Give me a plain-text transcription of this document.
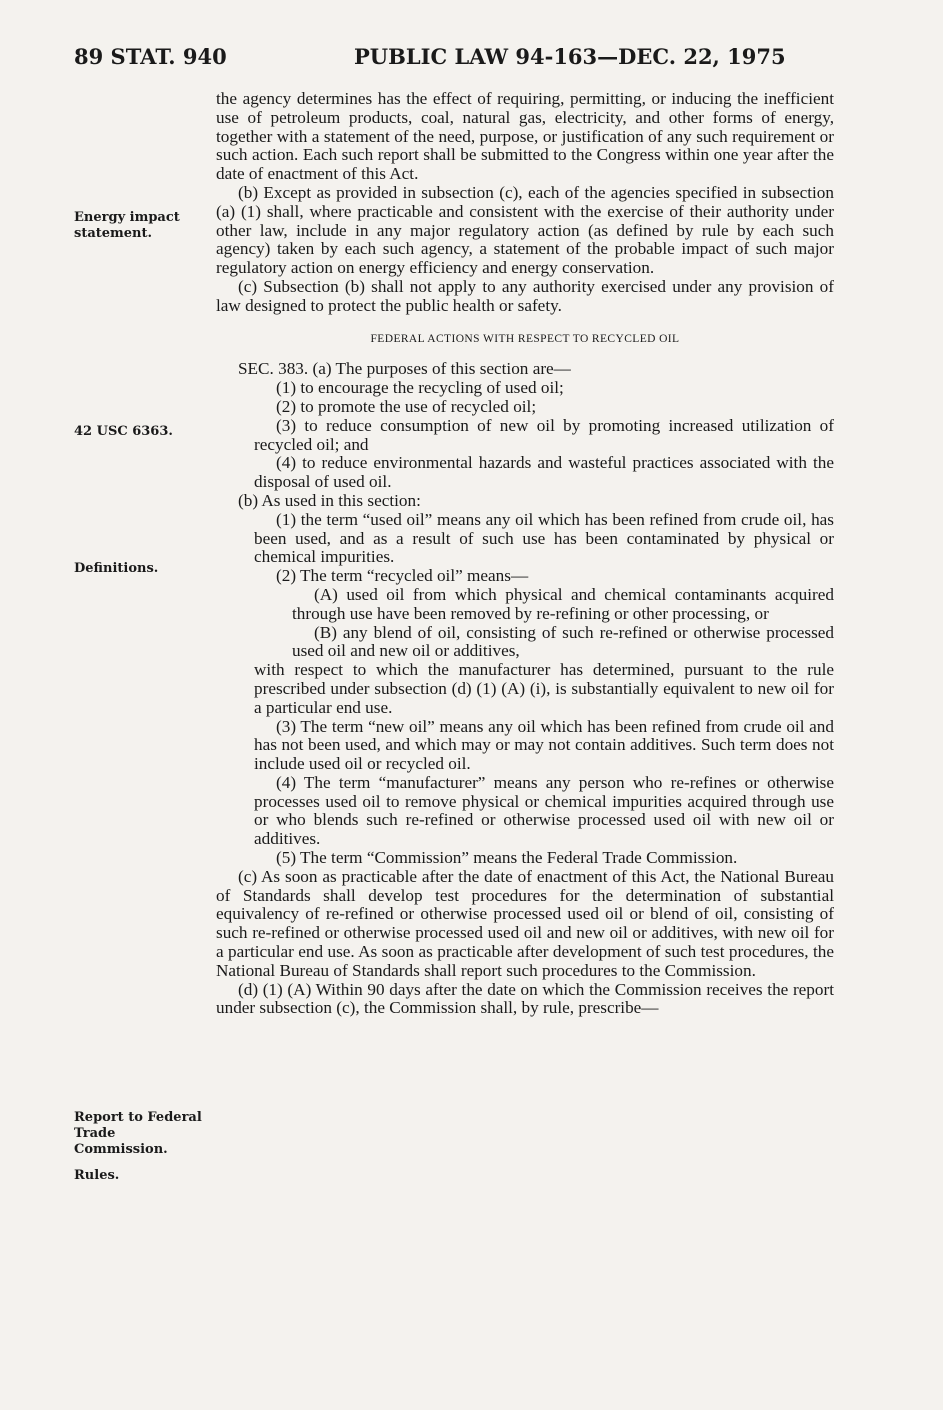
89 STAT. 940	PUBLIC LAW 94-163—DEC. 22, 1975
Energy impact
statement.
42 USC 6363.
Definitions.
Report to Federal
Trade
Commission.
Rules.

the agency determines has the effect of requiring, permitting, or inducing the inefficient use of petroleum products, coal, natural gas, electricity, and other forms of energy, together with a statement of the need, purpose, or justification of any such requirement or such action. Each such report shall be submitted to the Congress within one year after the date of enactment of this Act.

(b) Except as provided in subsection (c), each of the agencies specified in subsection (a) (1) shall, where practicable and consistent with the exercise of their authority under other law, include in any major regulatory action (as defined by rule by each such agency) taken by each such agency, a statement of the probable impact of such major regulatory action on energy efficiency and energy conservation.

(c) Subsection (b) shall not apply to any authority exercised under any provision of law designed to protect the public health or safety.

FEDERAL ACTIONS WITH RESPECT TO RECYCLED OIL

SEC. 383. (a) The purposes of this section are—

(1) to encourage the recycling of used oil;

(2) to promote the use of recycled oil;

(3) to reduce consumption of new oil by promoting increased utilization of recycled oil; and

(4) to reduce environmental hazards and wasteful practices associated with the disposal of used oil.

(b) As used in this section:

(1) the term “used oil” means any oil which has been refined from crude oil, has been used, and as a result of such use has been contaminated by physical or chemical impurities.

(2) The term “recycled oil” means—

(A) used oil from which physical and chemical contaminants acquired through use have been removed by re-refining or other processing, or

(B) any blend of oil, consisting of such re-refined or otherwise processed used oil and new oil or additives,

with respect to which the manufacturer has determined, pursuant to the rule prescribed under subsection (d) (1) (A) (i), is substantially equivalent to new oil for a particular end use.

(3) The term “new oil” means any oil which has been refined from crude oil and has not been used, and which may or may not contain additives. Such term does not include used oil or recycled oil.

(4) The term “manufacturer” means any person who re-refines or otherwise processes used oil to remove physical or chemical impurities acquired through use or who blends such re-refined or otherwise processed used oil with new oil or additives.

(5) The term “Commission” means the Federal Trade Commission.

(c) As soon as practicable after the date of enactment of this Act, the National Bureau of Standards shall develop test procedures for the determination of substantial equivalency of re-refined or otherwise processed used oil or blend of oil, consisting of such re-refined or otherwise processed used oil and new oil or additives, with new oil for a particular end use. As soon as practicable after development of such test procedures, the National Bureau of Standards shall report such procedures to the Commission.

(d) (1) (A) Within 90 days after the date on which the Commission receives the report under subsection (c), the Commission shall, by rule, prescribe—
